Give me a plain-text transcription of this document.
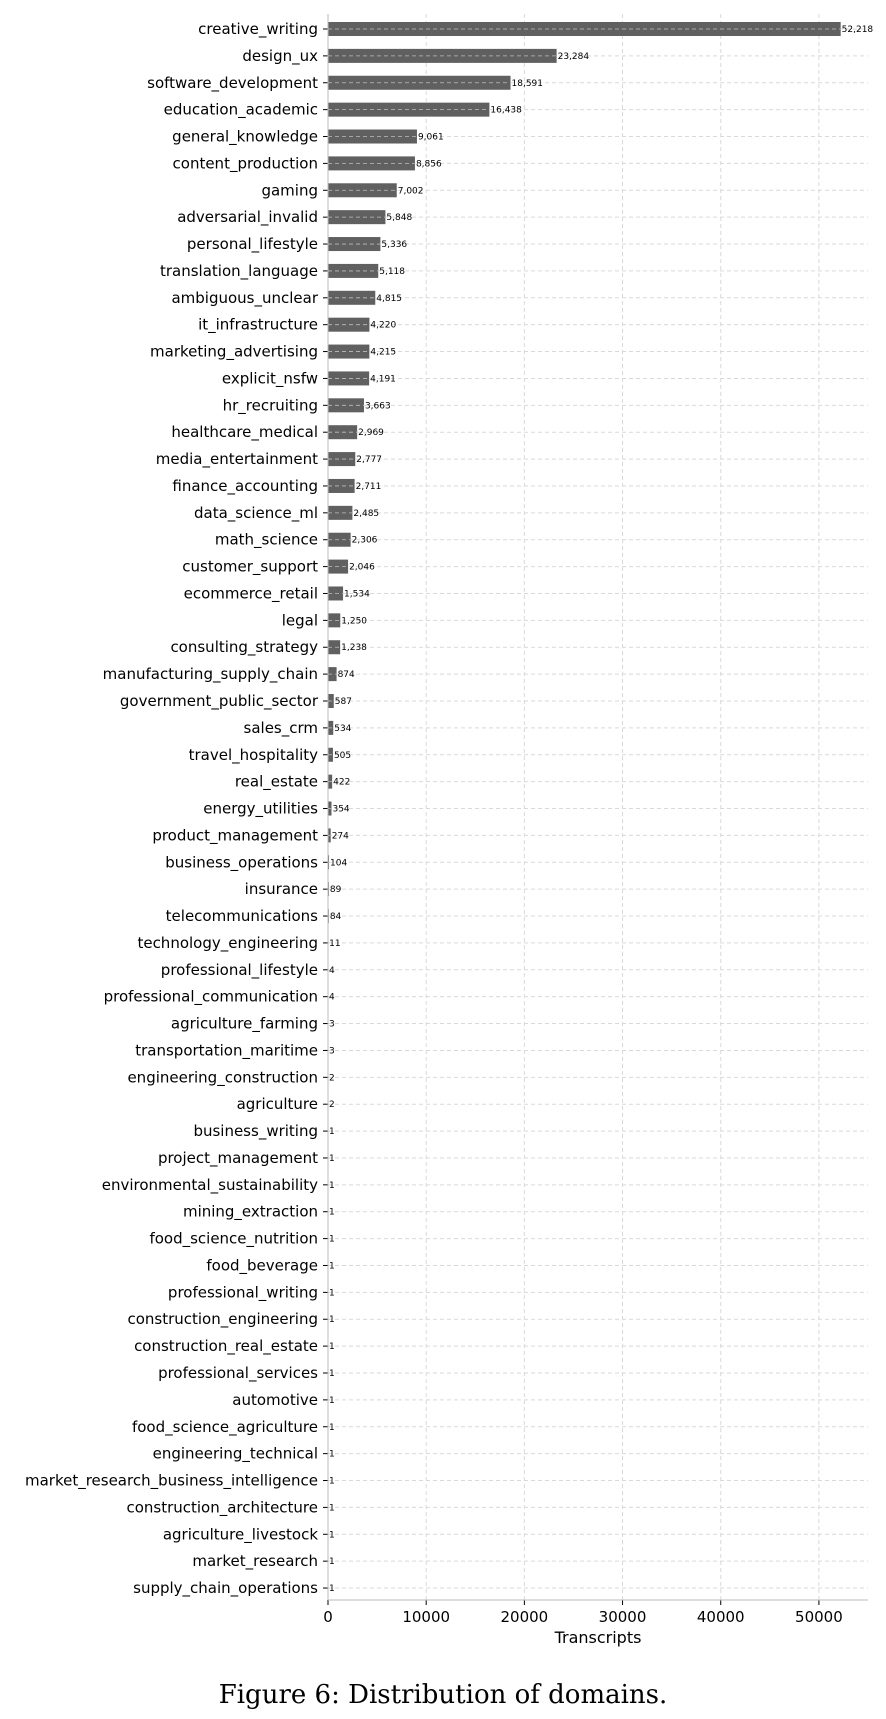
52,218
creative_writing
23,284
design_ux
18,591
software_development
16,438
education_academic
9,061
general_knowledge
8,856
content_production
7,002
gaming
5,848
adversarial_invalid
5,336
personal_lifestyle
5,118
translation_language
4,815
ambiguous_unclear
4,220
it_infrastructure
4,215
marketing_advertising
4,191
explicit_nsfw
3,663
hr_recruiting
2,969
healthcare_medical
2,777
media_entertainment
2,711
finance_accounting
2,485
data_science_ml
2,306
math_science
2,046
customer_support
1,534
ecommerce_retail
1,250
legal
1,238
consulting_strategy
874
manufacturing_supply_chain
587
government_public_sector
534
sales_crm
505
travel_hospitality
422
real_estate
354
energy_utilities
274
product_management
104
business_operations
89
insurance
84
telecommunications
11
technology_engineering
4
professional_lifestyle
4
professional_communication
3
agriculture_farming
3
transportation_maritime
2
engineering_construction
2
agriculture
1
business_writing
1
project_management
1
environmental_sustainability
1
mining_extraction
1
food_science_nutrition
1
food_beverage
1
professional_writing
1
construction_engineering
1
construction_real_estate
1
professional_services
1
automotive
1
food_science_agriculture
1
engineering_technical
1
market_research_business_intelligence
1
construction_architecture
1
agriculture_livestock
1
market_research
1
supply_chain_operations
0	10000	20000	30000	40000	50000
Transcripts
Figure 6: Distribution of domains.
